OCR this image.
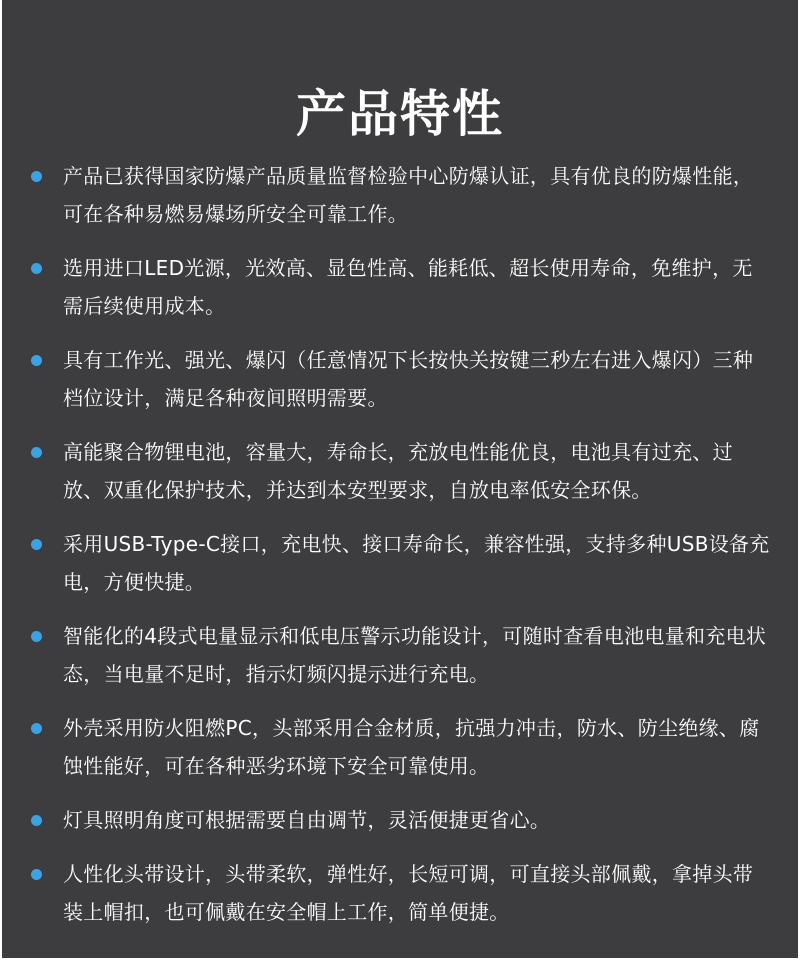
产品特性
产品已获得国家防爆产品质量监督检验中心防爆认证，具有优良的防爆性能，可在各种易燃易爆场所安全可靠工作。
选用进口LED光源，光效高、显色性高、能耗低、超长使用寿命，免维护，无需后续使用成本。
具有工作光、强光、爆闪（任意情况下长按快关按键三秒左右进入爆闪）三种档位设计，满足各种夜间照明需要。
高能聚合物锂电池，容量大，寿命长，充放电性能优良，电池具有过充、过放、双重化保护技术，并达到本安型要求，自放电率低安全环保。
采用USB-Type-C接口，充电快、接口寿命长，兼容性强，支持多种USB设备充电，方便快捷。
智能化的4段式电量显示和低电压警示功能设计，可随时查看电池电量和充电状态，当电量不足时，指示灯频闪提示进行充电。
外壳采用防火阻燃PC，头部采用合金材质，抗强力冲击，防水、防尘绝缘、腐蚀性能好，可在各种恶劣环境下安全可靠使用。
灯具照明角度可根据需要自由调节，灵活便捷更省心。
人性化头带设计，头带柔软，弹性好，长短可调，可直接头部佩戴，拿掉头带装上帽扣，也可佩戴在安全帽上工作，简单便捷。
